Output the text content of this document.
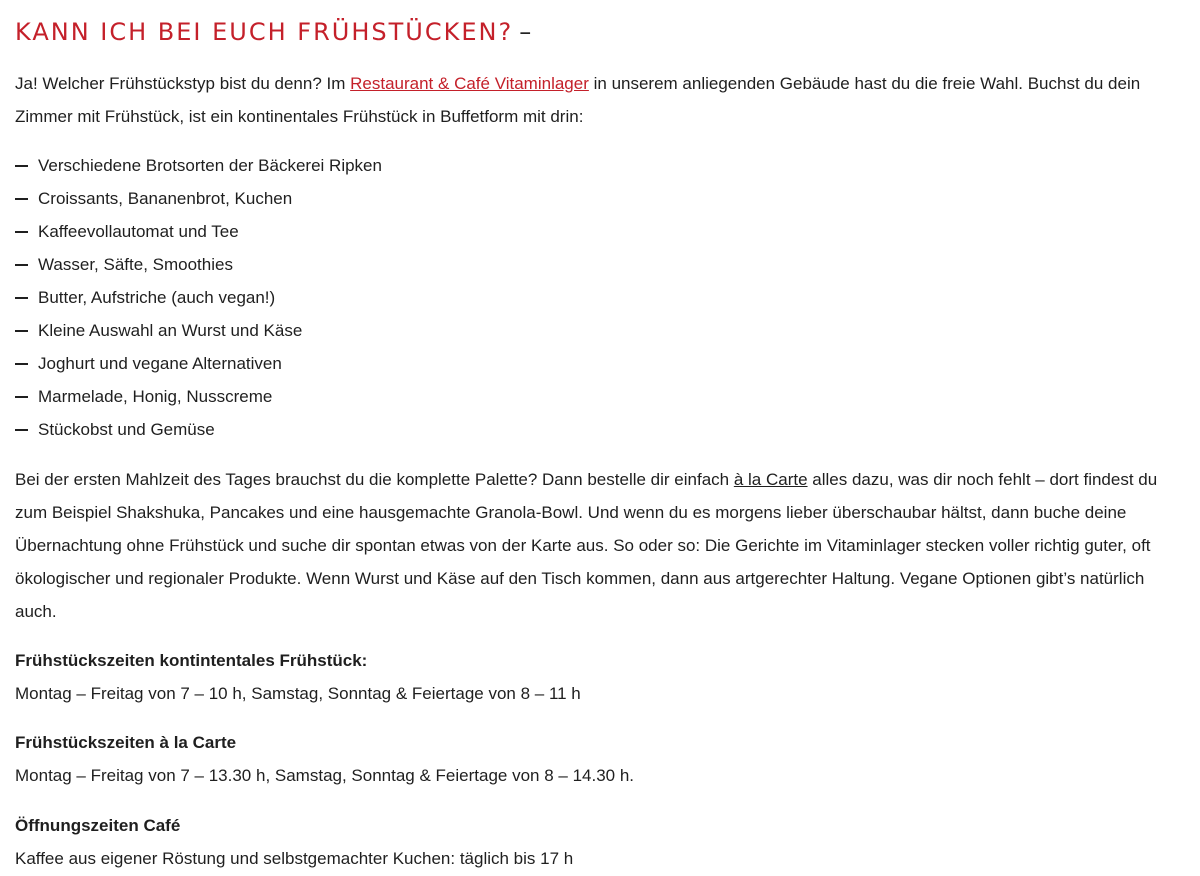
KANN ICH BEI EUCH FRÜHSTÜCKEN? –

Ja! Welcher Frühstückstyp bist du denn? Im Restaurant & Café Vitaminlager in unserem anliegenden Gebäude hast du die freie Wahl. Buchst du dein Zimmer mit Frühstück, ist ein kontinentales Frühstück in Buffetform mit drin:

Verschiedene Brotsorten der Bäckerei Ripken
Croissants, Bananenbrot, Kuchen
Kaffeevollautomat und Tee
Wasser, Säfte, Smoothies
Butter, Aufstriche (auch vegan!)
Kleine Auswahl an Wurst und Käse
Joghurt und vegane Alternativen
Marmelade, Honig, Nusscreme
Stückobst und Gemüse

Bei der ersten Mahlzeit des Tages brauchst du die komplette Palette? Dann bestelle dir einfach à la Carte alles dazu, was dir noch fehlt – dort findest du zum Beispiel Shakshuka, Pancakes und eine hausgemachte Granola-Bowl. Und wenn du es morgens lieber überschaubar hältst, dann buche deine Übernachtung ohne Frühstück und suche dir spontan etwas von der Karte aus. So oder so: Die Gerichte im Vitaminlager stecken voller richtig guter, oft ökologischer und regionaler Produkte. Wenn Wurst und Käse auf den Tisch kommen, dann aus artgerechter Haltung. Vegane Optionen gibt’s natürlich auch.

Frühstückszeiten kontintentales Frühstück:

Montag – Freitag von 7 – 10 h, Samstag, Sonntag & Feiertage von 8 – 11 h

Frühstückszeiten à la Carte

Montag – Freitag von 7 – 13.30 h, Samstag, Sonntag & Feiertage von 8 – 14.30 h.

Öffnungszeiten Café

Kaffee aus eigener Röstung und selbstgemachter Kuchen: täglich bis 17 h
